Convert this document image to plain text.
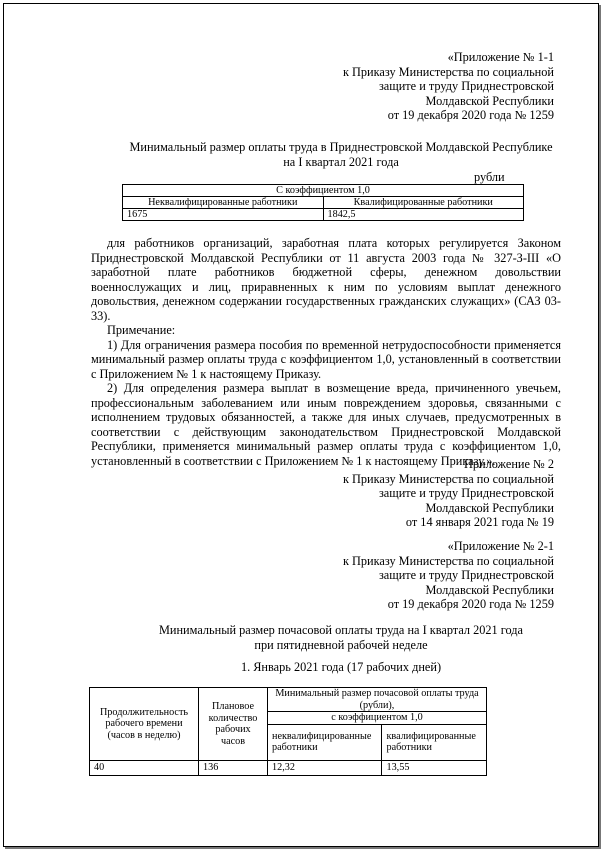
«Приложение № 1-1
к Приказу Министерства по социальной
защите и труду Приднестровской
Молдавской Республики
от 19 декабря 2020 года № 1259
Минимальный размер оплаты труда в Приднестровской Молдавской Республике
на I квартал 2021 года
рубли
С коэффициентом 1,0	
Неквалифицированные работники	Квалифицированные работники
1675	1842,5

для работников организаций, заработная плата которых регулируется Законом Приднестровской Молдавской Республики от 11 августа 2003 года № 327-З-III «О заработной плате работников бюджетной сферы, денежном довольствии военнослужащих и лиц, приравненных к ним по условиям выплат денежного довольствия, денежном содержании государственных гражданских служащих» (САЗ 03-33).

Примечание:

1) Для ограничения размера пособия по временной нетрудоспособности применяется минимальный размер оплаты труда с коэффициентом 1,0, установленный в соответствии с Приложением № 1 к настоящему Приказу.

2) Для определения размера выплат в возмещение вреда, причиненного увечьем, профессиональным заболеванием или иным повреждением здоровья, связанными с исполнением трудовых обязанностей, а также для иных случаев, предусмотренных в соответствии с действующим законодательством Приднестровской Молдавской Республики, применяется минимальный размер оплаты труда с коэффициентом 1,0, установленный в соответствии с Приложением № 1 к настоящему Приказу.».

Приложение № 2
к Приказу Министерства по социальной
защите и труду Приднестровской
Молдавской Республики
от 14 января 2021 года № 19
«Приложение № 2-1
к Приказу Министерства по социальной
защите и труду Приднестровской
Молдавской Республики
от 19 декабря 2020 года № 1259
Минимальный размер почасовой оплаты труда на I квартал 2021 года
при пятидневной рабочей неделе
1. Январь 2021 года (17 рабочих дней)
Продолжительность рабочего времени (часов в неделю)	Плановое количество рабочих часов	Минимальный размер почасовой оплаты труда (рубли),	
		с коэффициентом 1,0	
		неквалифицированные работники	квалифицированные работники
40	136	12,32	13,55
